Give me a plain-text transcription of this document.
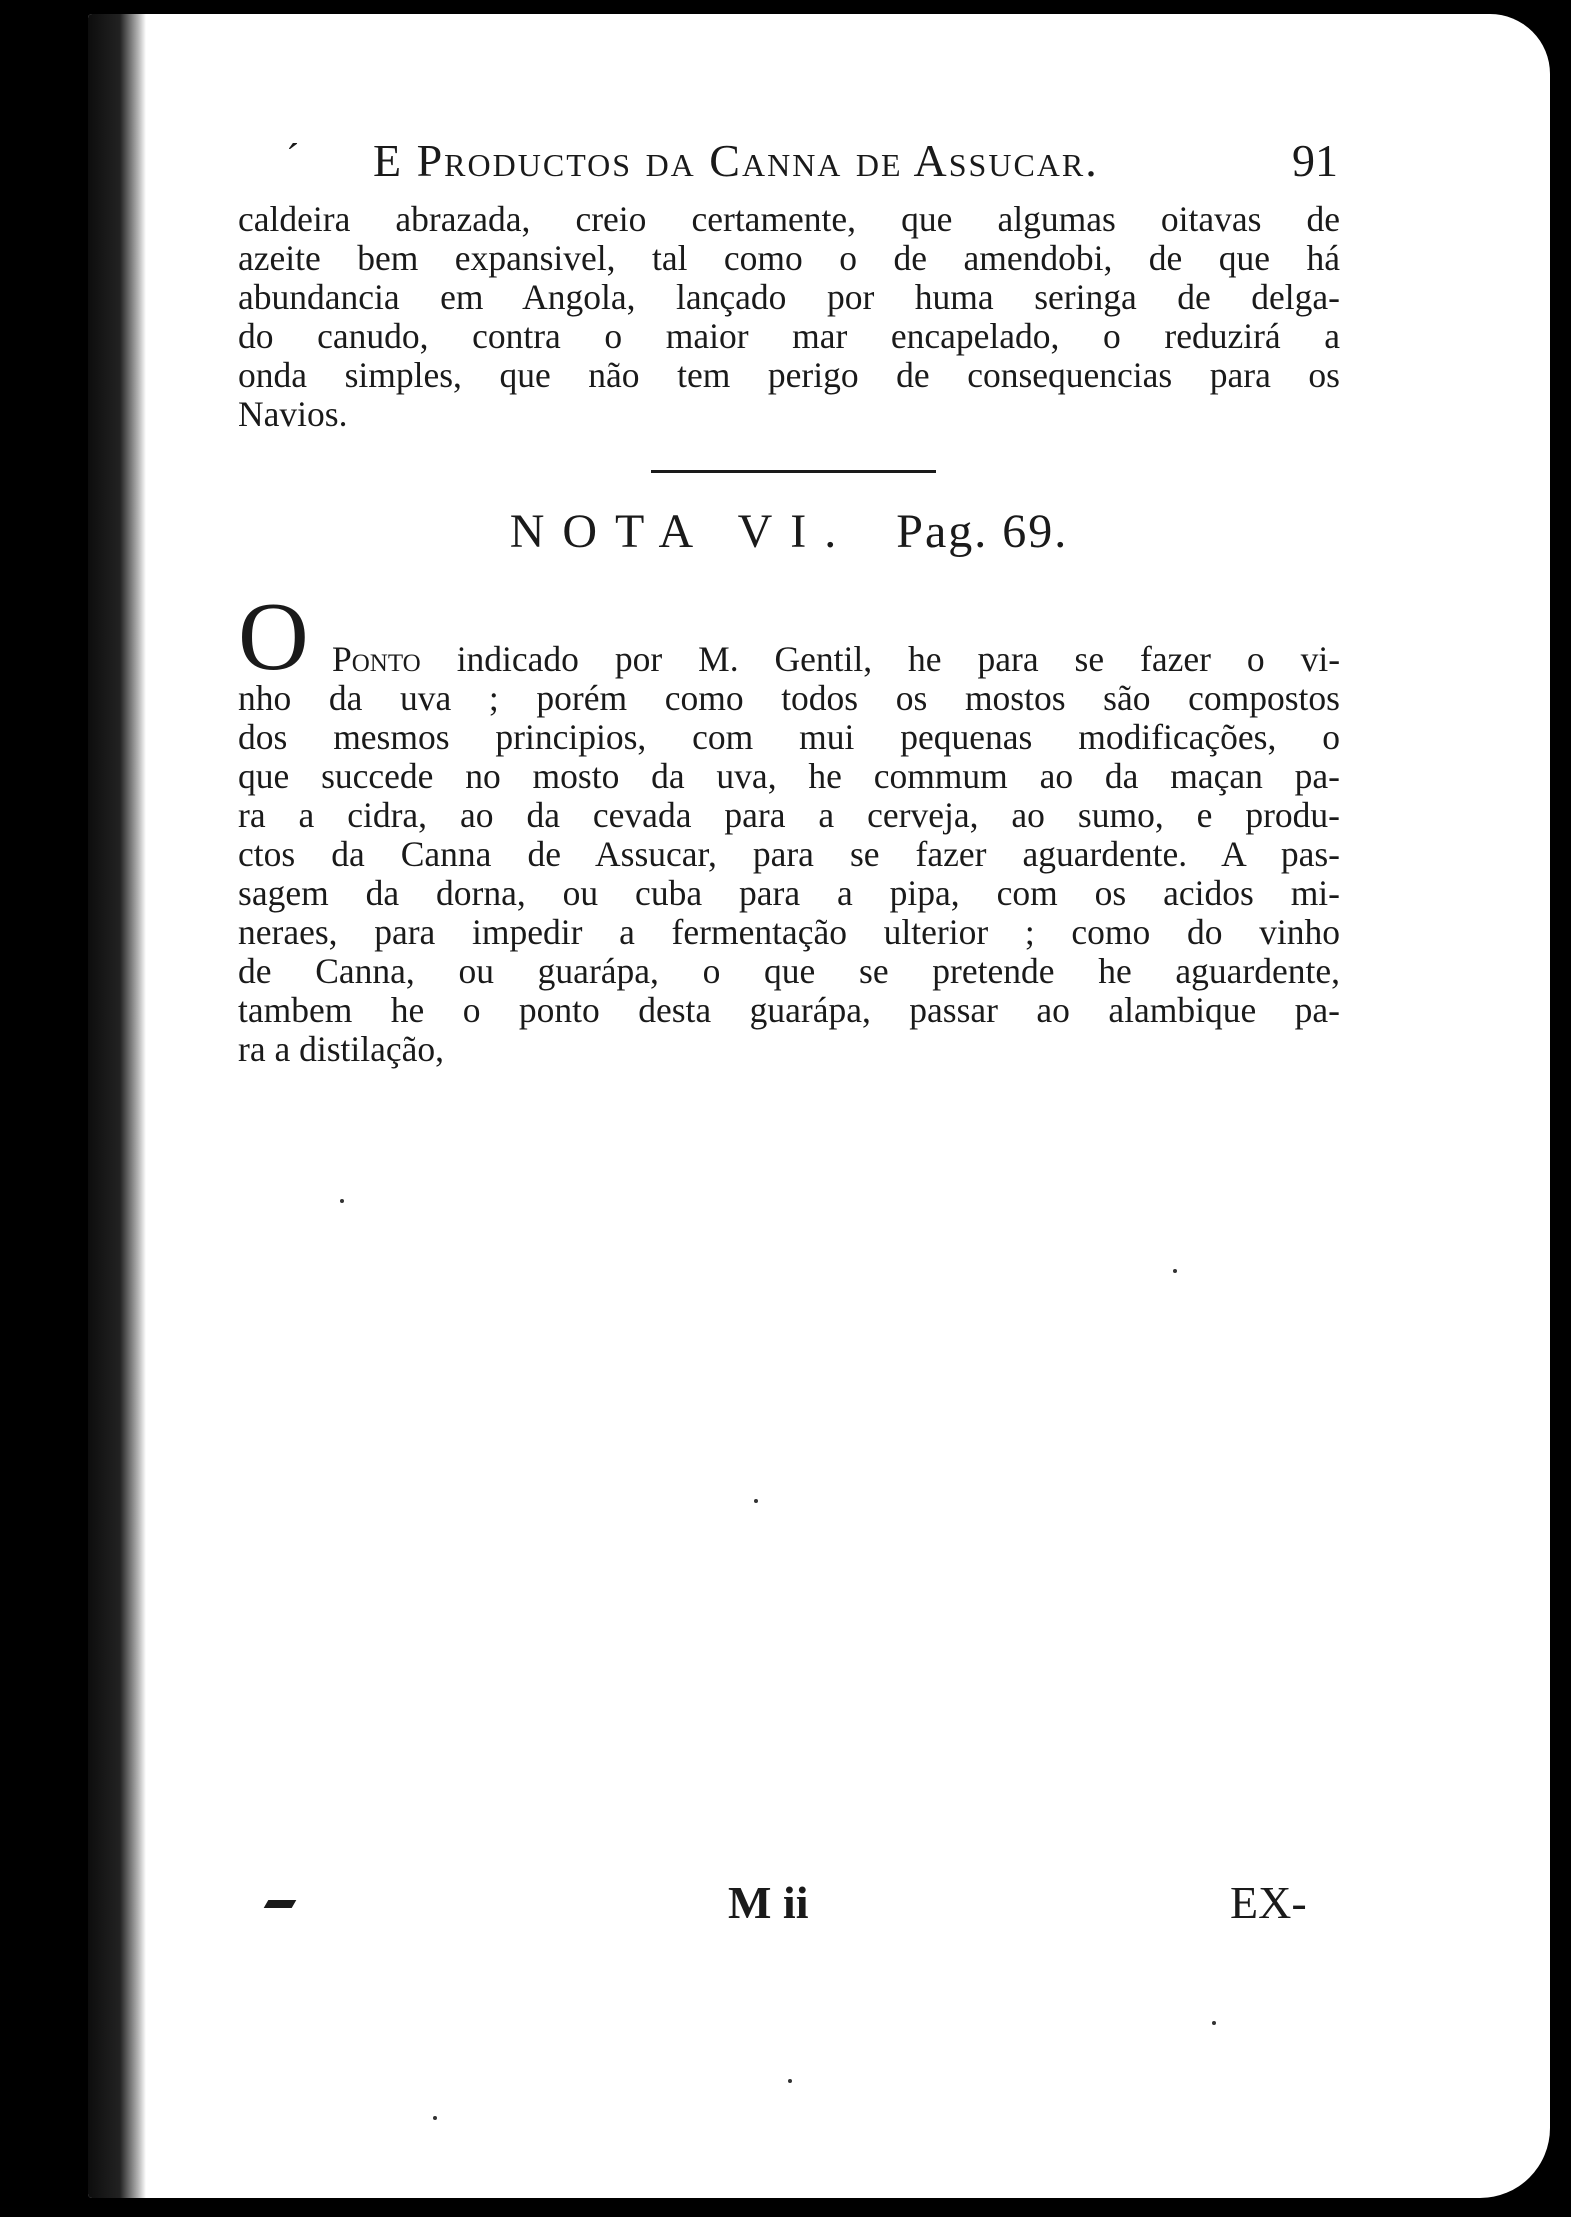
´ E Productos da Canna de Assucar.	91
caldeira abrazada, creio certamente, que algumas oitavas de
azeite bem expansivel, tal como o de amendobi, de que há
abundancia em Angola, lançado por huma seringa de delga-
do canudo, contra o maior mar encapelado, o reduzirá a
onda simples, que não tem perigo de consequencias para os
Navios.
NOTA VI. Pag. 69.
O Ponto indicado por M. Gentil, he para se fazer o vi-
nho da uva ; porém como todos os mostos são compostos
dos mesmos principios, com mui pequenas modificações, o
que succede no mosto da uva, he commum ao da maçan pa-
ra a cidra, ao da cevada para a cerveja, ao sumo, e produ-
ctos da Canna de Assucar, para se fazer aguardente. A pas-
sagem da dorna, ou cuba para a pipa, com os acidos mi-
neraes, para impedir a fermentação ulterior ; como do vinho
de Canna, ou guarápa, o que se pretende he aguardente,
tambem he o ponto desta guarápa, passar ao alambique pa-
ra a distilação,
M ii	EX-
